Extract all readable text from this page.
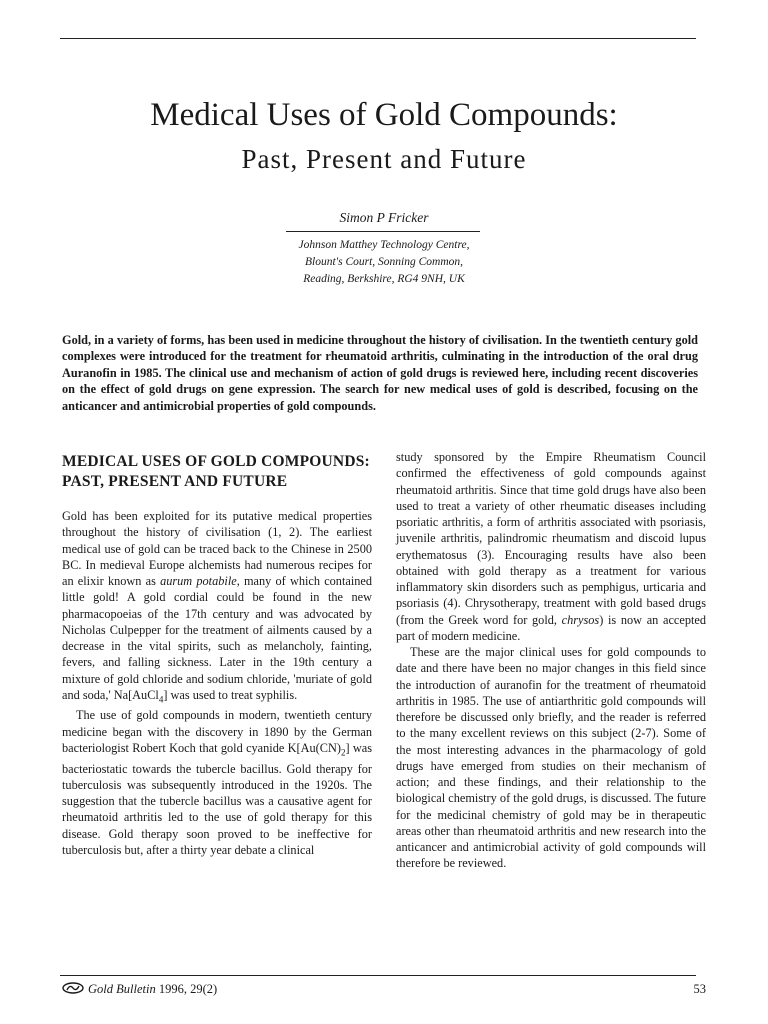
Medical Uses of Gold Compounds:
Past, Present and Future
Simon P Fricker
Johnson Matthey Technology Centre,
Blount's Court, Sonning Common,
Reading, Berkshire, RG4 9NH, UK

Gold, in a variety of forms, has been used in medicine throughout the history of civilisation. In the twentieth century gold complexes were introduced for the treatment for rheumatoid arthritis, culminating in the introduction of the oral drug Auranofin in 1985. The clinical use and mechanism of action of gold drugs is reviewed here, including recent discoveries on the effect of gold drugs on gene expression. The search for new medical uses of gold is described, focusing on the anticancer and antimicrobial properties of gold compounds.

MEDICAL USES OF GOLD COMPOUNDS: PAST, PRESENT AND FUTURE

Gold has been exploited for its putative medical properties throughout the history of civilisation (1, 2). The earliest medical use of gold can be traced back to the Chinese in 2500 BC. In medieval Europe alchemists had numerous recipes for an elixir known as aurum potabile, many of which contained little gold! A gold cordial could be found in the new pharmacopoeias of the 17th century and was advocated by Nicholas Culpepper for the treatment of ailments caused by a decrease in the vital spirits, such as melancholy, fainting, fevers, and falling sickness. Later in the 19th century a mixture of gold chloride and sodium chloride, 'muriate of gold and soda,' Na[AuCl$_4$] was used to treat syphilis.

The use of gold compounds in modern, twentieth century medicine began with the discovery in 1890 by the German bacteriologist Robert Koch that gold cyanide $K[Au(CN)_2]$ was bacteriostatic towards the tubercle bacillus. Gold therapy for tuberculosis was subsequently introduced in the 1920s. The suggestion that the tubercle bacillus was a causative agent for rheumatoid arthritis led to the use of gold therapy for this disease. Gold therapy soon proved to be ineffective for tuberculosis but, after a thirty year debate a clinical

study sponsored by the Empire Rheumatism Council confirmed the effectiveness of gold compounds against rheumatoid arthritis. Since that time gold drugs have also been used to treat a variety of other rheumatic diseases including psoriatic arthritis, a form of arthritis associated with psoriasis, juvenile arthritis, palindromic rheumatism and discoid lupus erythematosus (3). Encouraging results have also been obtained with gold therapy as a treatment for various inflammatory skin disorders such as pemphigus, urticaria and psoriasis (4). Chrysotherapy, treatment with gold based drugs (from the Greek word for gold, chrysos) is now an accepted part of modern medicine.

These are the major clinical uses for gold compounds to date and there have been no major changes in this field since the introduction of auranofin for the treatment of rheumatoid arthritis in 1985. The use of antiarthritic gold compounds will therefore be discussed only briefly, and the reader is referred to the many excellent reviews on this subject (2-7). Some of the most interesting advances in the pharmacology of gold drugs have emerged from studies on their mechanism of action; and these findings, and their relationship to the biological chemistry of the gold drugs, is discussed. The future for the medicinal chemistry of gold may be in therapeutic areas other than rheumatoid arthritis and new research into the anticancer and antimicrobial activity of gold compounds will therefore be reviewed.

Gold Bulletin 1996, 29(2)	53
